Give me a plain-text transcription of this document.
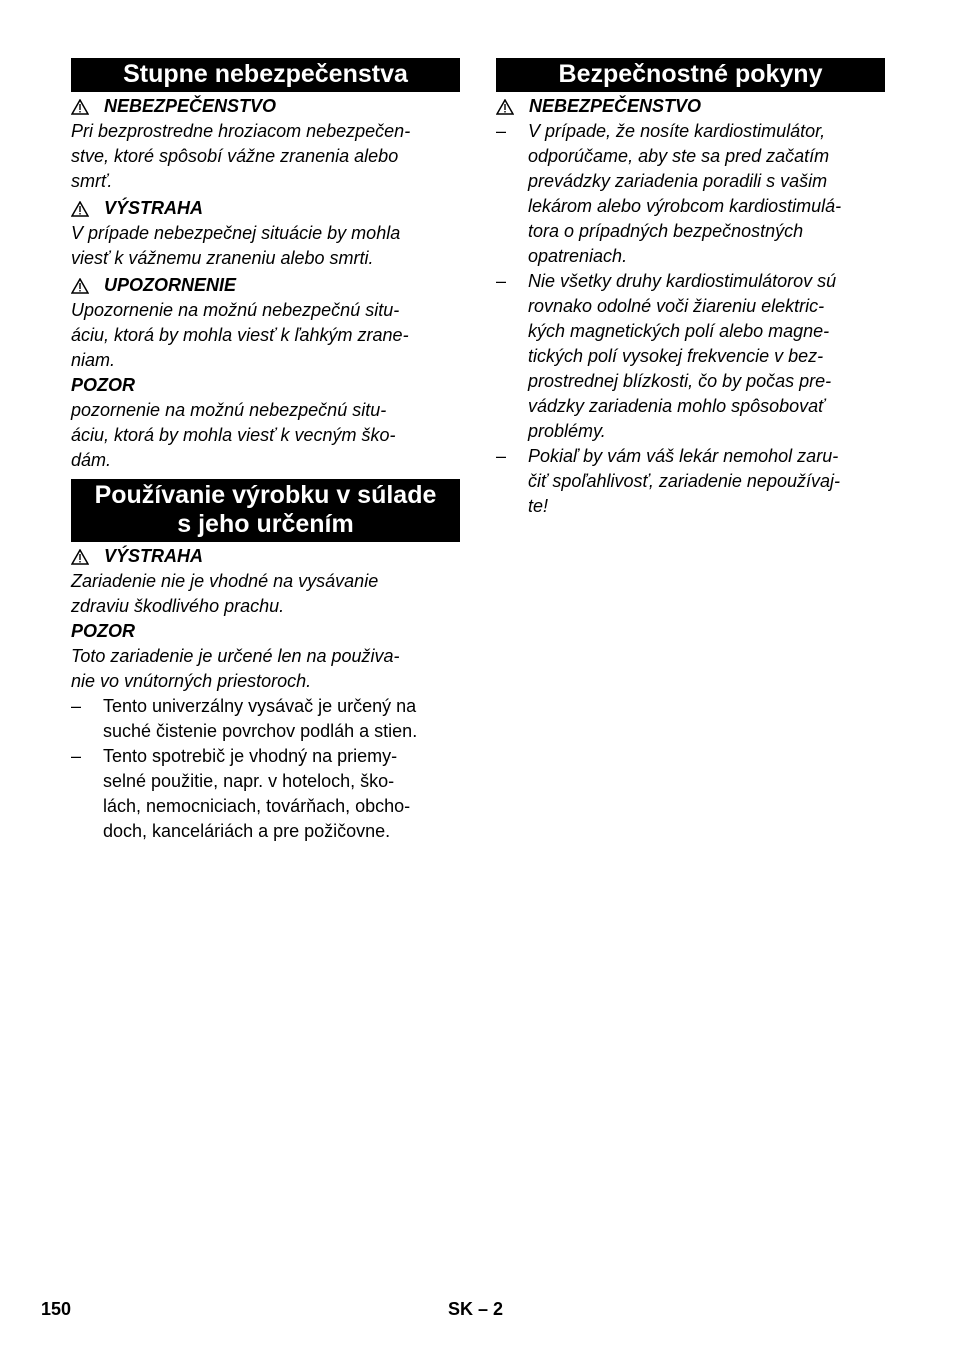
Stupne nebezpečenstva
NEBEZPEČENSTVO
Pri bezprostredne hroziacom nebezpečen-
stve, ktoré spôsobí vážne zranenia alebo
smrť.
VÝSTRAHA
V prípade nebezpečnej situácie by mohla
viesť k vážnemu zraneniu alebo smrti.
UPOZORNENIE
Upozornenie na možnú nebezpečnú situ-
áciu, ktorá by mohla viesť k ľahkým zrane-
niam.
POZOR
pozornenie na možnú nebezpečnú situ-
áciu, ktorá by mohla viesť k vecným ško-
dám.
Používanie výrobku v súlade
s jeho určením
VÝSTRAHA
Zariadenie nie je vhodné na vysávanie
zdraviu škodlivého prachu.
POZOR
Toto zariadenie je určené len na použiva-
nie vo vnútorných priestoroch.
–	Tento univerzálny vysávač je určený na
suché čistenie povrchov podláh a stien.
–	Tento spotrebič je vhodný na priemy-
selné použitie, napr. v hoteloch, ško-
lách, nemocniciach, továrňach, obcho-
doch, kanceláriách a pre požičovne.
Bezpečnostné pokyny
NEBEZPEČENSTVO
–	V prípade, že nosíte kardiostimulátor,
odporúčame, aby ste sa pred začatím
prevádzky zariadenia poradili s vašim
lekárom alebo výrobcom kardiostimulá-
tora o prípadných bezpečnostných
opatreniach.
–	Nie všetky druhy kardiostimulátorov sú
rovnako odolné voči žiareniu elektric-
kých magnetických polí alebo magne-
tických polí vysokej frekvencie v bez-
prostrednej blízkosti, čo by počas pre-
vádzky zariadenia mohlo spôsobovať
problémy.
–	Pokiaľ by vám váš lekár nemohol zaru-
čiť spoľahlivosť, zariadenie nepoužívaj-
te!
150	SK – 2
